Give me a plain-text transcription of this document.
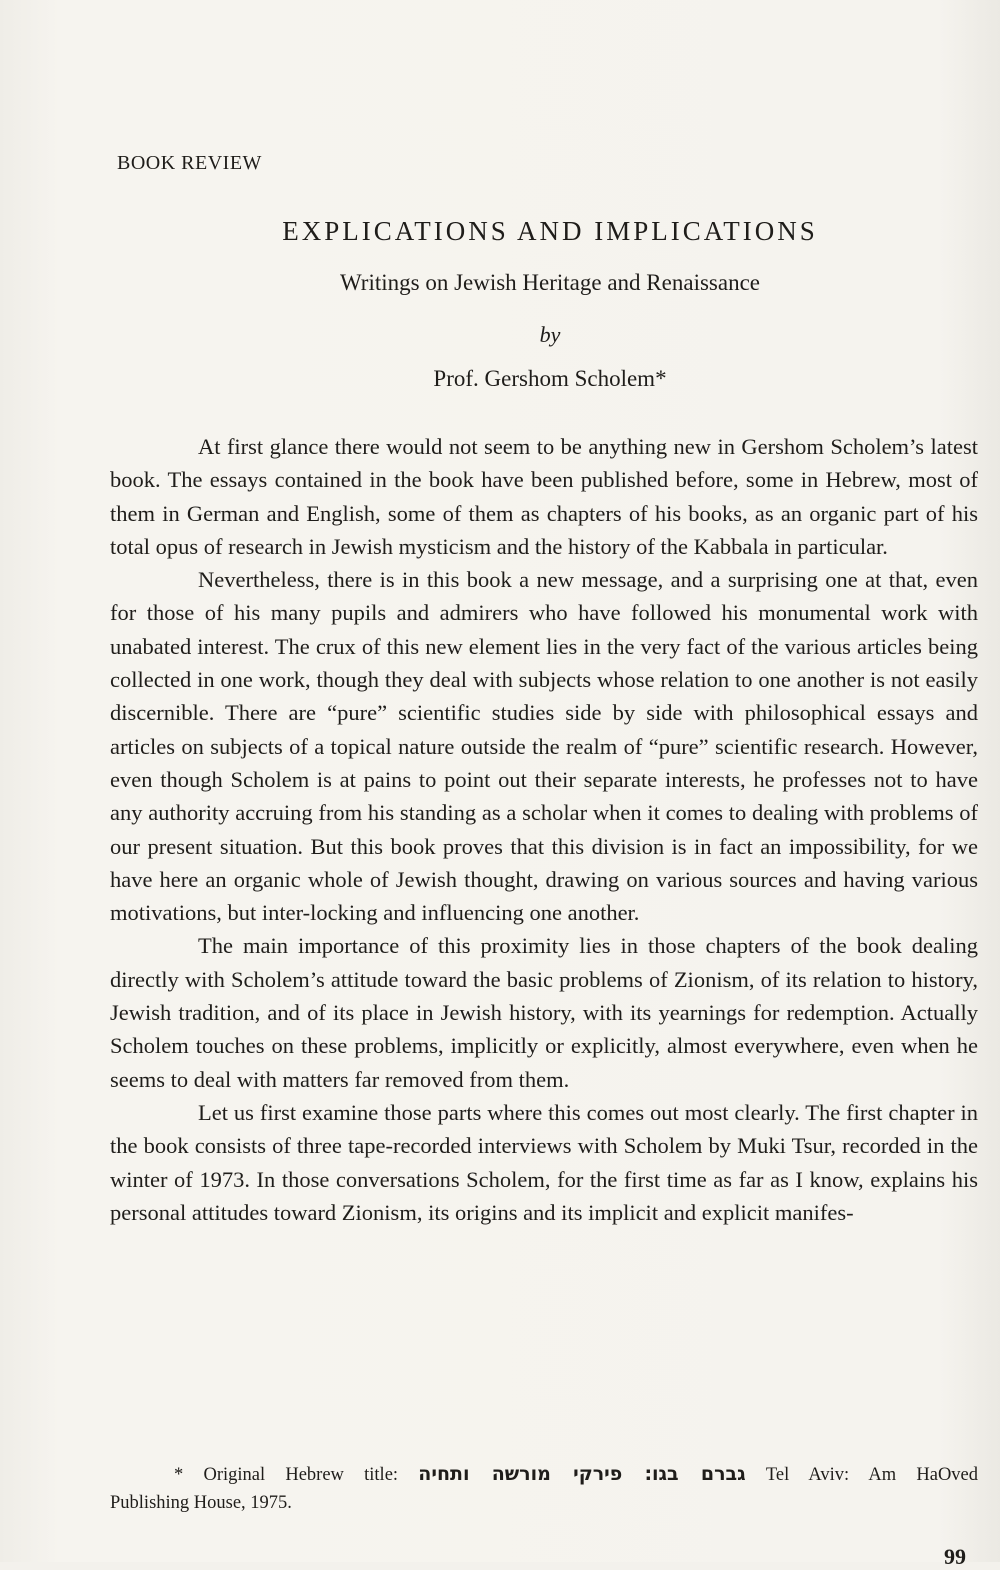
BOOK REVIEW
EXPLICATIONS AND IMPLICATIONS
Writings on Jewish Heritage and Renaissance
by
Prof. Gershom Scholem*

At first glance there would not seem to be anything new in Gershom Scholem’s latest book. The essays contained in the book have been published before, some in Hebrew, most of them in German and English, some of them as chapters of his books, as an organic part of his total opus of research in Jewish mysticism and the history of the Kabbala in particular.

Nevertheless, there is in this book a new message, and a surprising one at that, even for those of his many pupils and admirers who have followed his monumental work with unabated interest. The crux of this new element lies in the very fact of the various articles being collected in one work, though they deal with subjects whose relation to one another is not easily discernible. There are “pure” scientific studies side by side with philosophical essays and articles on subjects of a topical nature outside the realm of “pure” scientific research. However, even though Scholem is at pains to point out their separate interests, he professes not to have any authority accruing from his standing as a scholar when it comes to dealing with problems of our present situation. But this book proves that this division is in fact an impossibility, for we have here an organic whole of Jewish thought, drawing on various sources and having various motivations, but inter-locking and influencing one another.

The main importance of this proximity lies in those chapters of the book dealing directly with Scholem’s attitude toward the basic problems of Zionism, of its relation to history, Jewish tradition, and of its place in Jewish history, with its yearnings for redemption. Actually Scholem touches on these problems, implicitly or explicitly, almost everywhere, even when he seems to deal with matters far removed from them.

Let us first examine those parts where this comes out most clearly. The first chapter in the book consists of three tape-recorded interviews with Scholem by Muki Tsur, recorded in the winter of 1973. In those conversations Scholem, for the first time as far as I know, explains his personal attitudes toward Zionism, its origins and its implicit and explicit manifes-

* Original Hebrew title: גברם בגו: פירקי מורשה ותחיה Tel Aviv: Am HaOved
Publishing House, 1975.
99
